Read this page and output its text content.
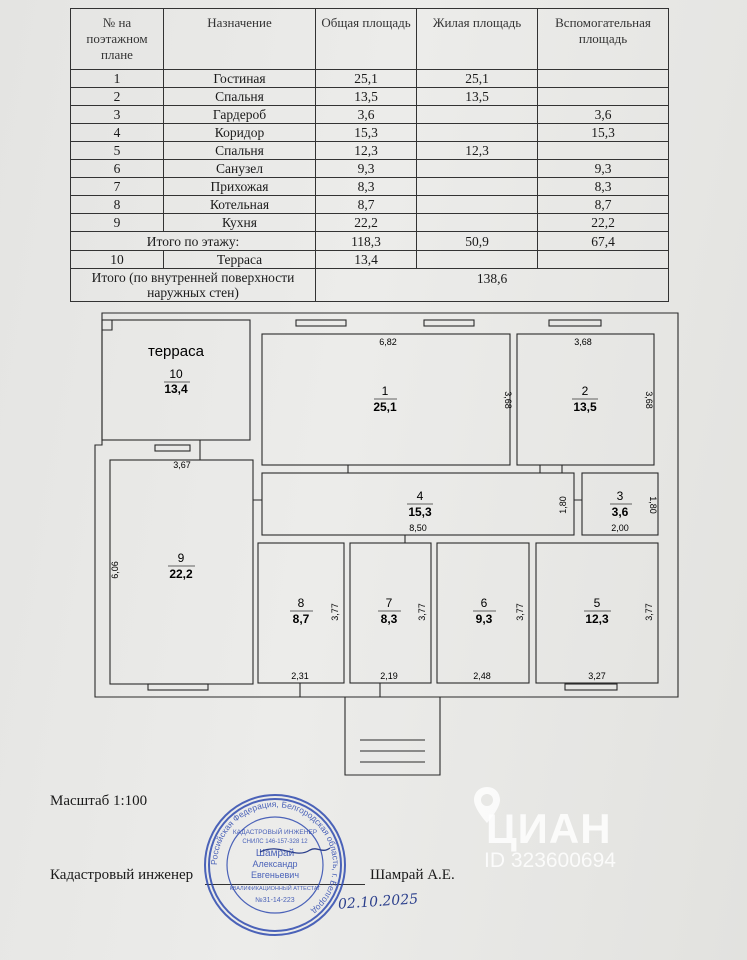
№ на поэтажном плане	Назначение	Общая площадь	Жилая площадь	Вспомогательная площадь
1	Гостиная	25,1	25,1	
2	Спальня	13,5	13,5	
3	Гардероб	3,6		3,6
4	Коридор	15,3		15,3
5	Спальня	12,3	12,3	
6	Санузел	9,3		9,3
7	Прихожая	8,3		8,3
8	Котельная	8,7		8,7
9	Кухня	22,2		22,2
Итого по этажу:		118,3	50,9	67,4
10	Терраса	13,4		
Итого (по внутренней поверхности наружных стен)		138,6		
терраса
10
13,4	1
25,1
2
13,5
3
3,6
4
15,3
5
12,3
6
9,3
7
8,3
8
8,7
9
22,2
6,82
3,68
3,68
3,68
3,67
6,06
8,50
1,80
2,00
1,80
2,31
3,77
2,19
3,77
2,48
3,77
3,27
3,77
Масштаб 1:100
Кадастровый инженер	Шамрай А.Е.
Российская Федерация, Белгородская область, г. Белгород
КАДАСТРОВЫЙ ИНЖЕНЕР
СНИЛС 146-157-328 12
Шамрай
Александр
Евгеньевич
КВАЛИФИКАЦИОННЫЙ АТТЕСТАТ
№31-14-223	02.10.2025
ЦИАН
ID 323600694
